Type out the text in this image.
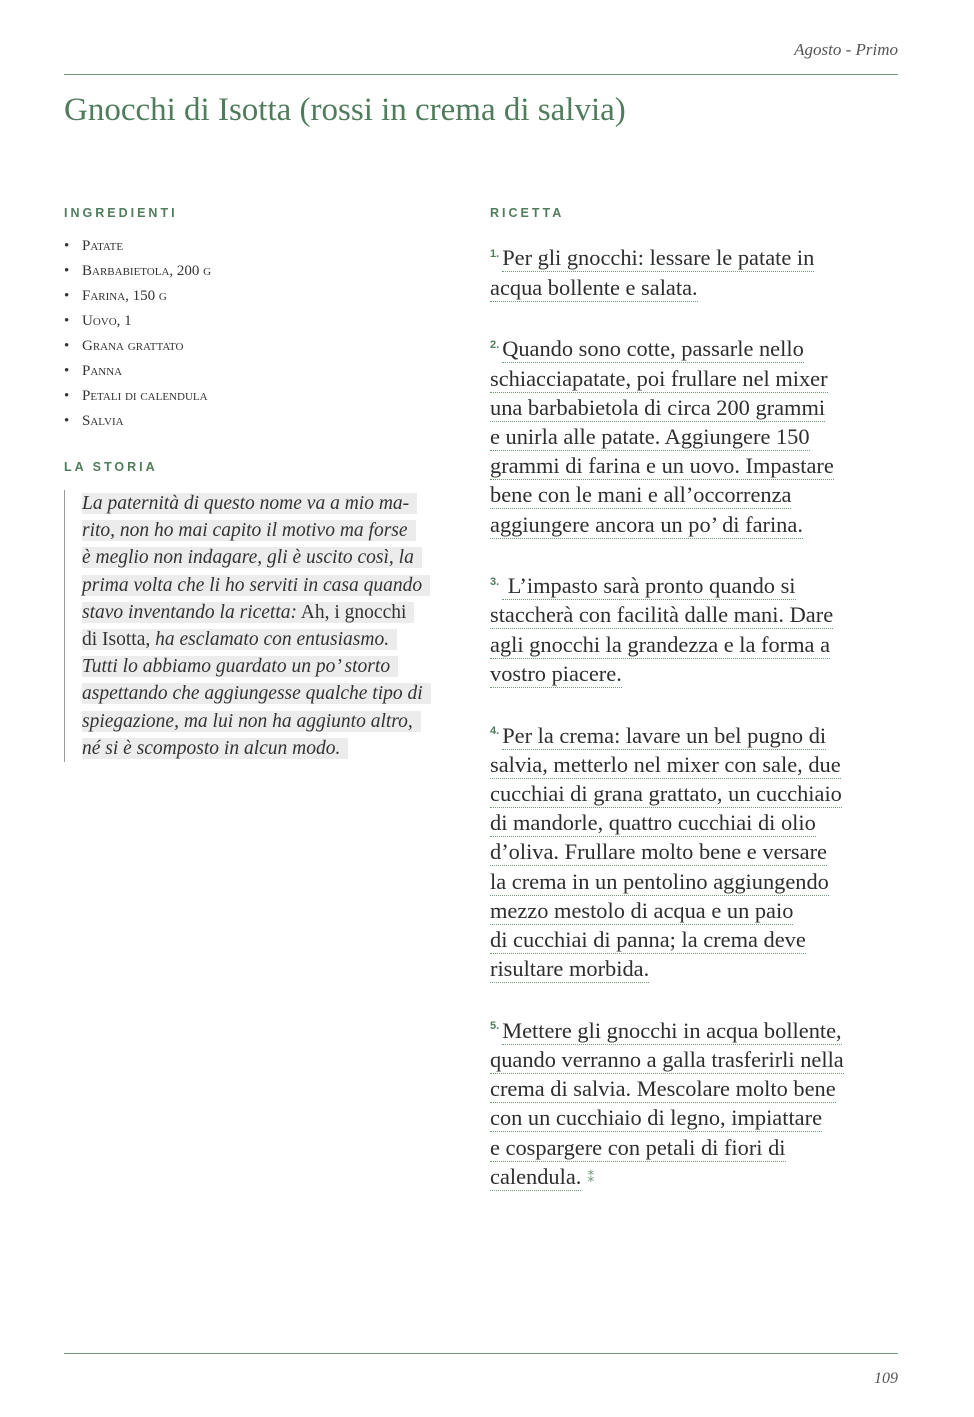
Agosto - Primo
Gnocchi di Isotta (rossi in crema di salvia)
INGREDIENTI
• Patate
• Barbabietola, 200 g
• Farina, 150 g
• Uovo, 1
• Grana grattato
• Panna
• Petali di calendula
• Salvia
LA STORIA
La paternità di questo nome va a mio ma-
rito, non ho mai capito il motivo ma forse
è meglio non indagare, gli è uscito così, la
prima volta che li ho serviti in casa quando
stavo inventando la ricetta: Ah, i gnocchi
di Isotta, ha esclamato con entusiasmo.
Tutti lo abbiamo guardato un po’ storto
aspettando che aggiungesse qualche tipo di
spiegazione, ma lui non ha aggiunto altro,
né si è scomposto in alcun modo.
RICETTA
$^{1.}$ Per gli gnocchi: lessare le patate in
acqua bollente e salata.
$^{2.}$ Quando sono cotte, passarle nello
schiacciapatate, poi frullare nel mixer
una barbabietola di circa 200 grammi
e unirla alle patate. Aggiungere 150
grammi di farina e un uovo. Impastare
bene con le mani e all’occorrenza
aggiungere ancora un po’ di farina.
$^{3.}$ L’impasto sarà pronto quando si
staccherà con facilità dalle mani. Dare
agli gnocchi la grandezza e la forma a
vostro piacere.
$^{4.}$ Per la crema: lavare un bel pugno di
salvia, metterlo nel mixer con sale, due
cucchiai di grana grattato, un cucchiaio
di mandorle, quattro cucchiai di olio
d’oliva. Frullare molto bene e versare
la crema in un pentolino aggiungendo
mezzo mestolo di acqua e un paio
di cucchiai di panna; la crema deve
risultare morbida.
$^{5.}$ Mettere gli gnocchi in acqua bollente,
quando verranno a galla trasferirli nella
crema di salvia. Mescolare molto bene
con un cucchiaio di legno, impiattare
e cospargere con petali di fiori di
calendula. ⁑
109
